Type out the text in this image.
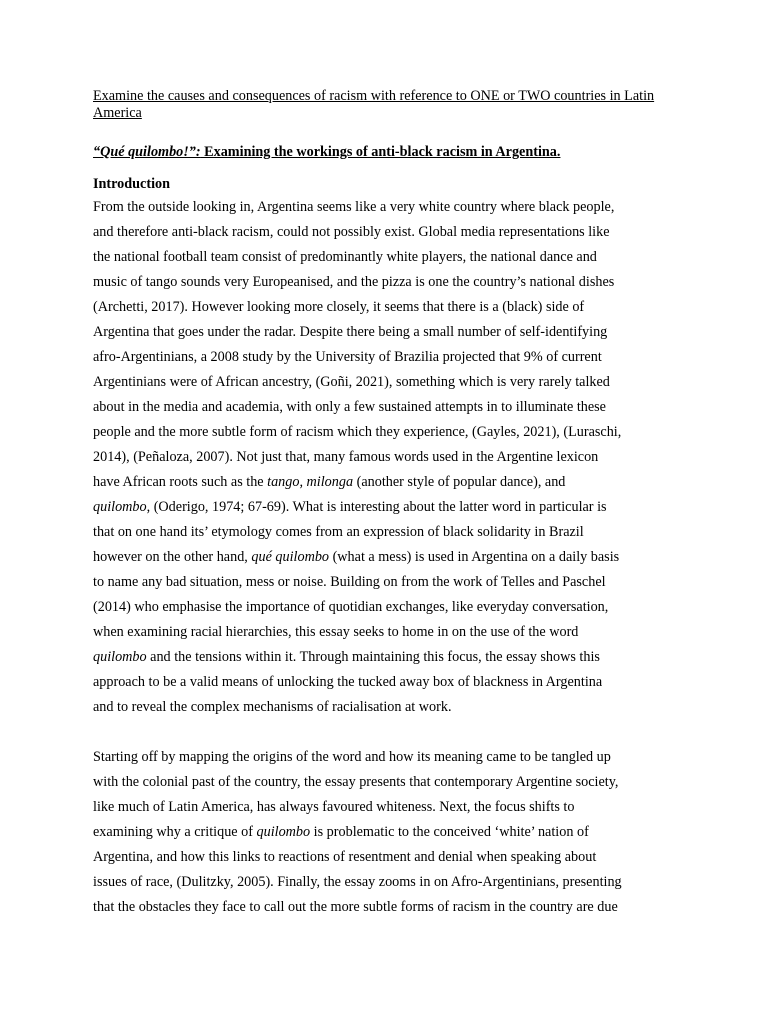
Examine the causes and consequences of racism with reference to ONE or TWO countries in Latin America
“Qué quilombo!”: Examining the workings of anti-black racism in Argentina.
Introduction
From the outside looking in, Argentina seems like a very white country where black people,
and therefore anti-black racism, could not possibly exist. Global media representations like
the national football team consist of predominantly white players, the national dance and
music of tango sounds very Europeanised, and the pizza is one the country’s national dishes
(Archetti, 2017). However looking more closely, it seems that there is a (black) side of
Argentina that goes under the radar. Despite there being a small number of self-identifying
afro-Argentinians, a 2008 study by the University of Brazilia projected that 9% of current
Argentinians were of African ancestry, (Goñi, 2021), something which is very rarely talked
about in the media and academia, with only a few sustained attempts in to illuminate these
people and the more subtle form of racism which they experience, (Gayles, 2021), (Luraschi,
2014), (Peñaloza, 2007). Not just that, many famous words used in the Argentine lexicon
have African roots such as the tango, milonga (another style of popular dance), and
quilombo, (Oderigo, 1974; 67-69). What is interesting about the latter word in particular is
that on one hand its’ etymology comes from an expression of black solidarity in Brazil
however on the other hand, qué quilombo (what a mess) is used in Argentina on a daily basis
to name any bad situation, mess or noise. Building on from the work of Telles and Paschel
(2014) who emphasise the importance of quotidian exchanges, like everyday conversation,
when examining racial hierarchies, this essay seeks to home in on the use of the word
quilombo and the tensions within it. Through maintaining this focus, the essay shows this
approach to be a valid means of unlocking the tucked away box of blackness in Argentina
and to reveal the complex mechanisms of racialisation at work.
Starting off by mapping the origins of the word and how its meaning came to be tangled up
with the colonial past of the country, the essay presents that contemporary Argentine society,
like much of Latin America, has always favoured whiteness. Next, the focus shifts to
examining why a critique of quilombo is problematic to the conceived ‘white’ nation of
Argentina, and how this links to reactions of resentment and denial when speaking about
issues of race, (Dulitzky, 2005). Finally, the essay zooms in on Afro-Argentinians, presenting
that the obstacles they face to call out the more subtle forms of racism in the country are due
